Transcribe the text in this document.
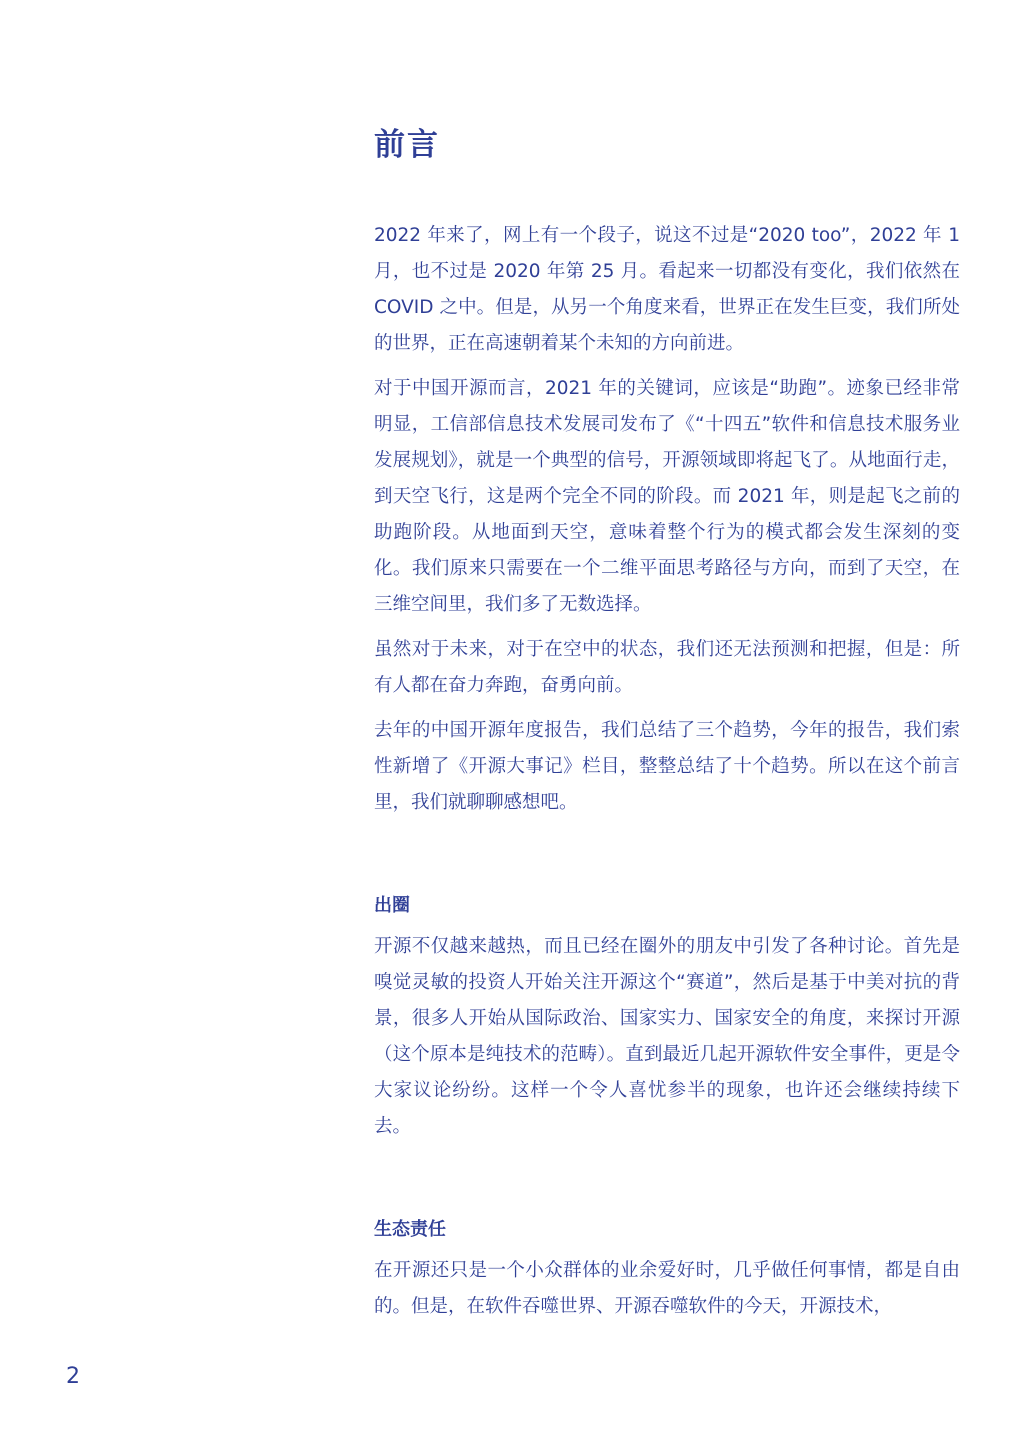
前言

2022 年来了，网上有一个段子，说这不过是“2020 too”，2022 年 1 月，也不过是 2020 年第 25 月。看起来一切都没有变化，我们依然在 COVID 之中。但是，从另一个角度来看，世界正在发生巨变，我们所处的世界，正在高速朝着某个未知的方向前进。

对于中国开源而言，2021 年的关键词，应该是“助跑”。迹象已经非常明显，工信部信息技术发展司发布了《“十四五”软件和信息技术服务业发展规划》，就是一个典型的信号，开源领域即将起飞了。从地面行走，到天空飞行，这是两个完全不同的阶段。而 2021 年，则是起飞之前的助跑阶段。从地面到天空，意味着整个行为的模式都会发生深刻的变化。我们原来只需要在一个二维平面思考路径与方向，而到了天空，在三维空间里，我们多了无数选择。

虽然对于未来，对于在空中的状态，我们还无法预测和把握，但是：所有人都在奋力奔跑，奋勇向前。

去年的中国开源年度报告，我们总结了三个趋势，今年的报告，我们索性新增了《开源大事记》栏目，整整总结了十个趋势。所以在这个前言里，我们就聊聊感想吧。

出圈

开源不仅越来越热，而且已经在圈外的朋友中引发了各种讨论。首先是嗅觉灵敏的投资人开始关注开源这个“赛道”，然后是基于中美对抗的背景，很多人开始从国际政治、国家实力、国家安全的角度，来探讨开源（这个原本是纯技术的范畴）。直到最近几起开源软件安全事件，更是令大家议论纷纷。这样一个令人喜忧参半的现象，也许还会继续持续下去。

生态责任

在开源还只是一个小众群体的业余爱好时，几乎做任何事情，都是自由的。但是，在软件吞噬世界、开源吞噬软件的今天，开源技术，

2
